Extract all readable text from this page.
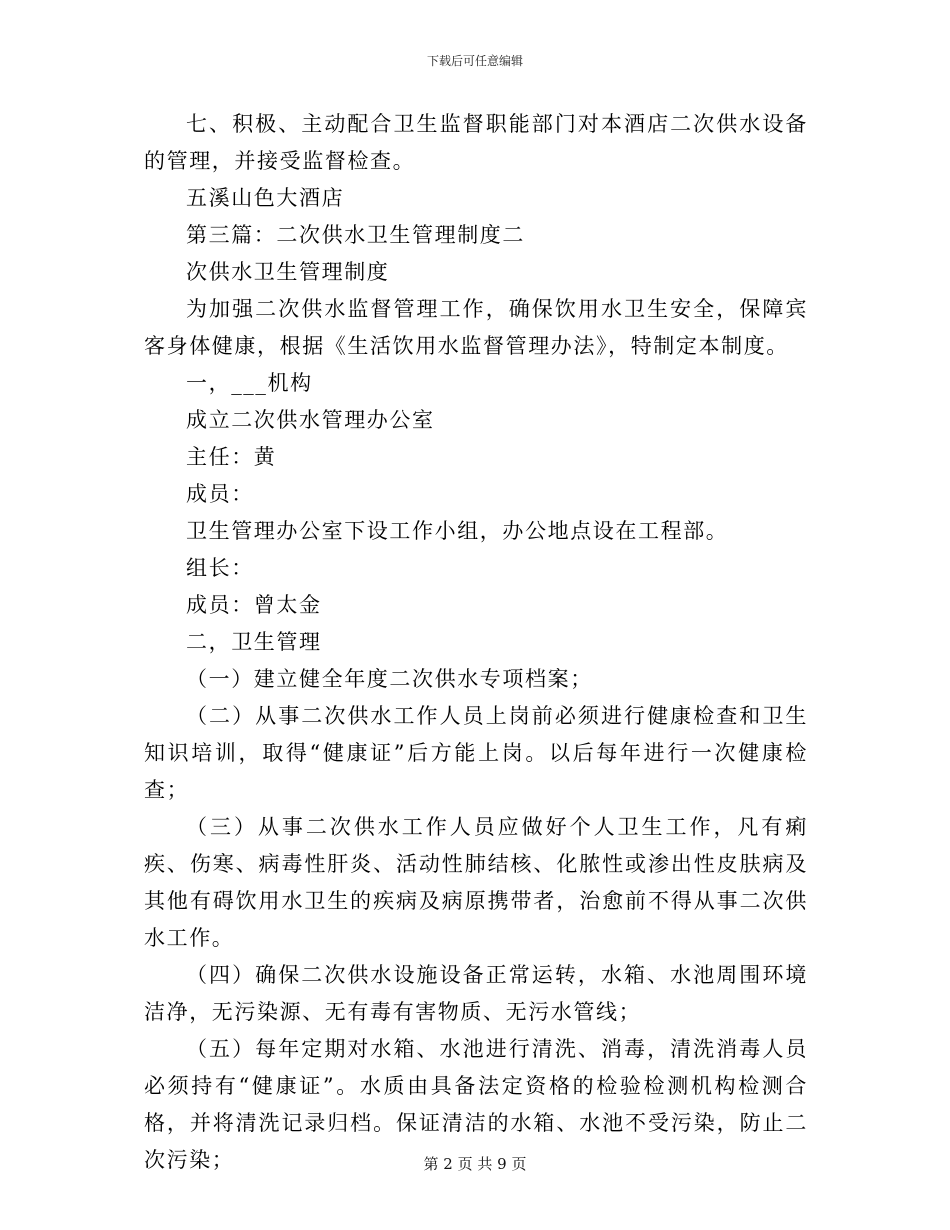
下载后可任意编辑

七、积极、主动配合卫生监督职能部门对本酒店二次供水设备的管理，并接受监督检查。

五溪山色大酒店

第三篇：二次供水卫生管理制度二

次供水卫生管理制度

为加强二次供水监督管理工作，确保饮用水卫生安全，保障宾客身体健康，根据《生活饮用水监督管理办法》，特制定本制度。

一，___机构

成立二次供水管理办公室

主任：黄

成员：

卫生管理办公室下设工作小组，办公地点设在工程部。

组长：

成员：曾太金

二，卫生管理

（一）建立健全年度二次供水专项档案；

（二）从事二次供水工作人员上岗前必须进行健康检查和卫生知识培训，取得“健康证”后方能上岗。以后每年进行一次健康检查；

（三）从事二次供水工作人员应做好个人卫生工作，凡有痢疾、伤寒、病毒性肝炎、活动性肺结核、化脓性或渗出性皮肤病及其他有碍饮用水卫生的疾病及病原携带者，治愈前不得从事二次供水工作。

（四）确保二次供水设施设备正常运转，水箱、水池周围环境洁净，无污染源、无有毒有害物质、无污水管线；

（五）每年定期对水箱、水池进行清洗、消毒，清洗消毒人员必须持有“健康证”。水质由具备法定资格的检验检测机构检测合格，并将清洗记录归档。保证清洁的水箱、水池不受污染，防止二次污染；	第 2 页 共 9 页
